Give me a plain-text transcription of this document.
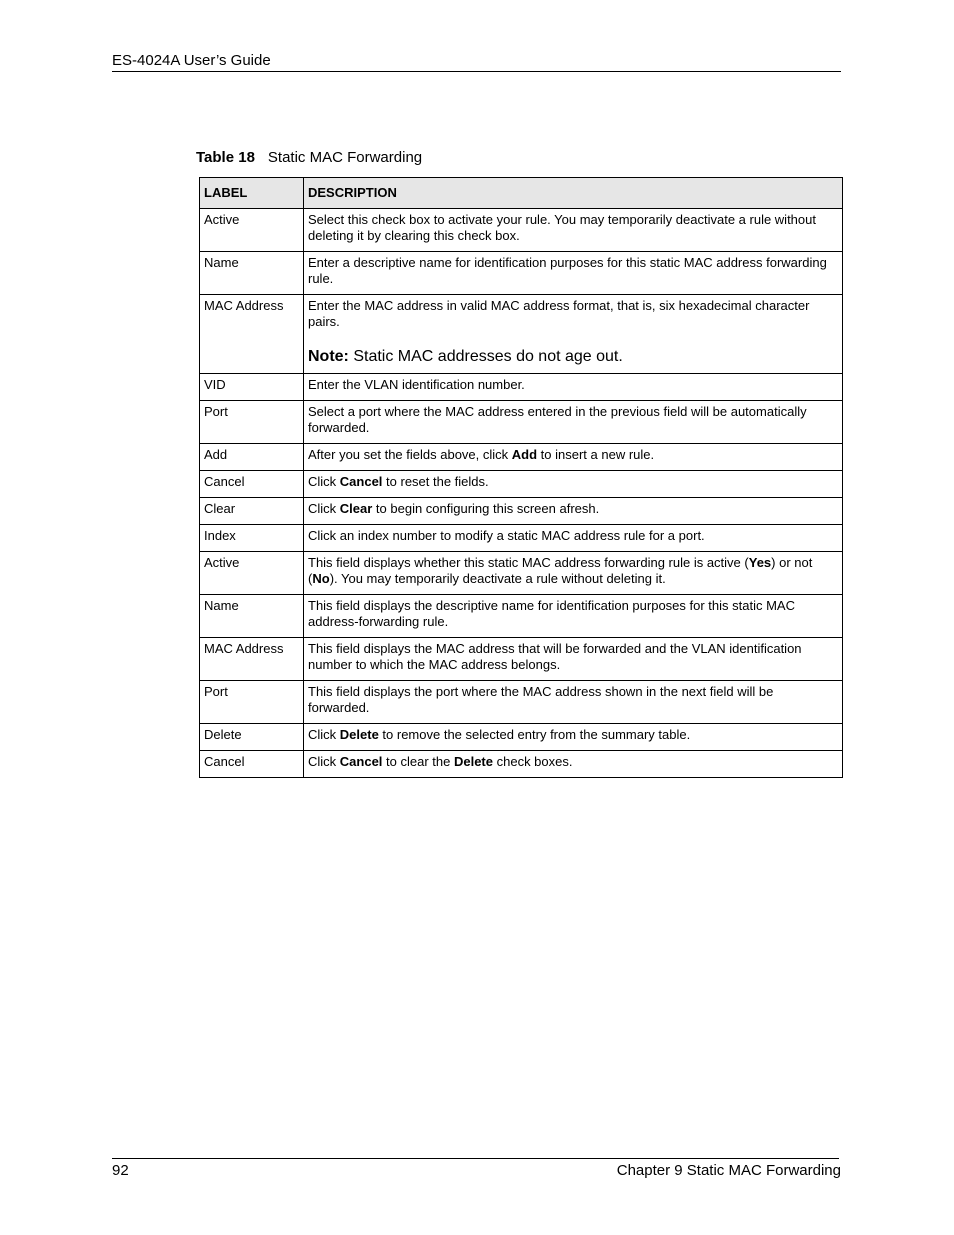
ES-4024A User’s Guide
Table 18 Static MAC Forwarding
LABEL	DESCRIPTION
Active	Select this check box to activate your rule. You may temporarily deactivate a rule without deleting it by clearing this check box.
Name	Enter a descriptive name for identification purposes for this static MAC address forwarding rule.
MAC Address	Enter the MAC address in valid MAC address format, that is, six hexadecimal character pairs.
Note: Static MAC addresses do not age out.

VID	Enter the VLAN identification number.
Port	Select a port where the MAC address entered in the previous field will be automatically forwarded.
Add	After you set the fields above, click Add to insert a new rule.
Cancel	Click Cancel to reset the fields.
Clear	Click Clear to begin configuring this screen afresh.
Index	Click an index number to modify a static MAC address rule for a port.
Active	This field displays whether this static MAC address forwarding rule is active (Yes) or not (No). You may temporarily deactivate a rule without deleting it.
Name	This field displays the descriptive name for identification purposes for this static MAC address-forwarding rule.
MAC Address	This field displays the MAC address that will be forwarded and the VLAN identification number to which the MAC address belongs.
Port	This field displays the port where the MAC address shown in the next field will be forwarded.
Delete	Click Delete to remove the selected entry from the summary table.
Cancel	Click Cancel to clear the Delete check boxes.
92	Chapter 9 Static MAC Forwarding
